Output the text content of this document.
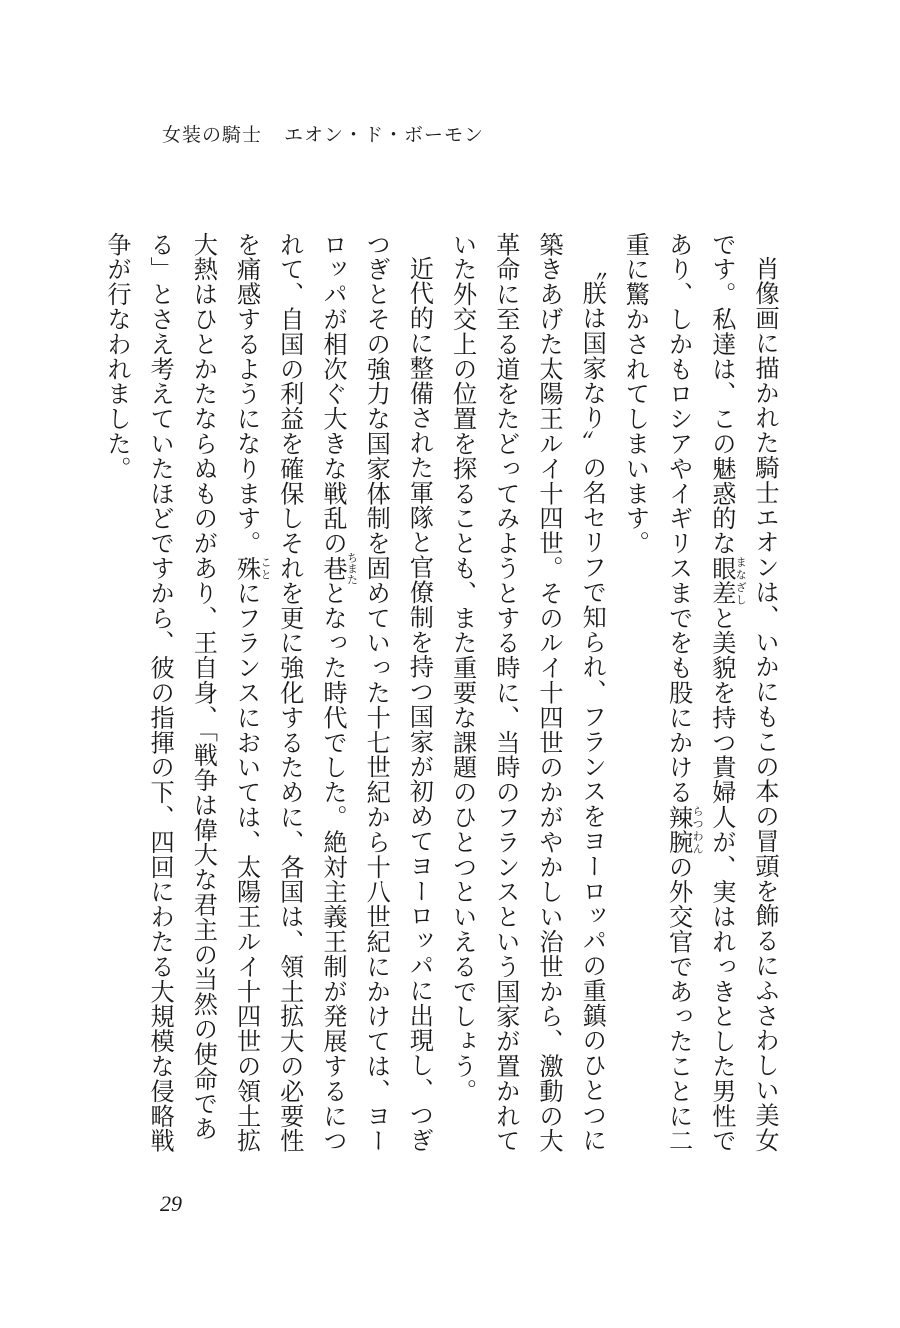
女装の騎士 エオン・ド・ボーモン

肖像画に描かれた騎士エオンは、いかにもこの本の冒頭を飾るにふさわしい美女です。私達は、この魅惑的な眼差まなざしと美貌を持つ貴婦人が、実はれっきとした男性であり、しかもロシアやイギリスまでをも股にかける辣腕らつわんの外交官であったことに二重に驚かされてしまいます。

〝朕は国家なり〟の名セリフで知られ、フランスをヨーロッパの重鎮のひとつに築きあげた太陽王ルイ十四世。そのルイ十四世のかがやかしい治世から、激動の大革命に至る道をたどってみようとする時に、当時のフランスという国家が置かれていた外交上の位置を探ることも、また重要な課題のひとつといえるでしょう。

近代的に整備された軍隊と官僚制を持つ国家が初めてヨーロッパに出現し、つぎつぎとその強力な国家体制を固めていった十七世紀から十八世紀にかけては、ヨーロッパが相次ぐ大きな戦乱の巷ちまたとなった時代でした。絶対主義王制が発展するにつれて、自国の利益を確保しそれを更に強化するために、各国は、領土拡大の必要性を痛感するようになります。殊ことにフランスにおいては、太陽王ルイ十四世の領土拡大熱はひとかたならぬものがあり、王自身、「戦争は偉大な君主の当然の使命である」とさえ考えていたほどですから、彼の指揮の下、四回にわたる大規模な侵略戦争が行なわれました。

29
